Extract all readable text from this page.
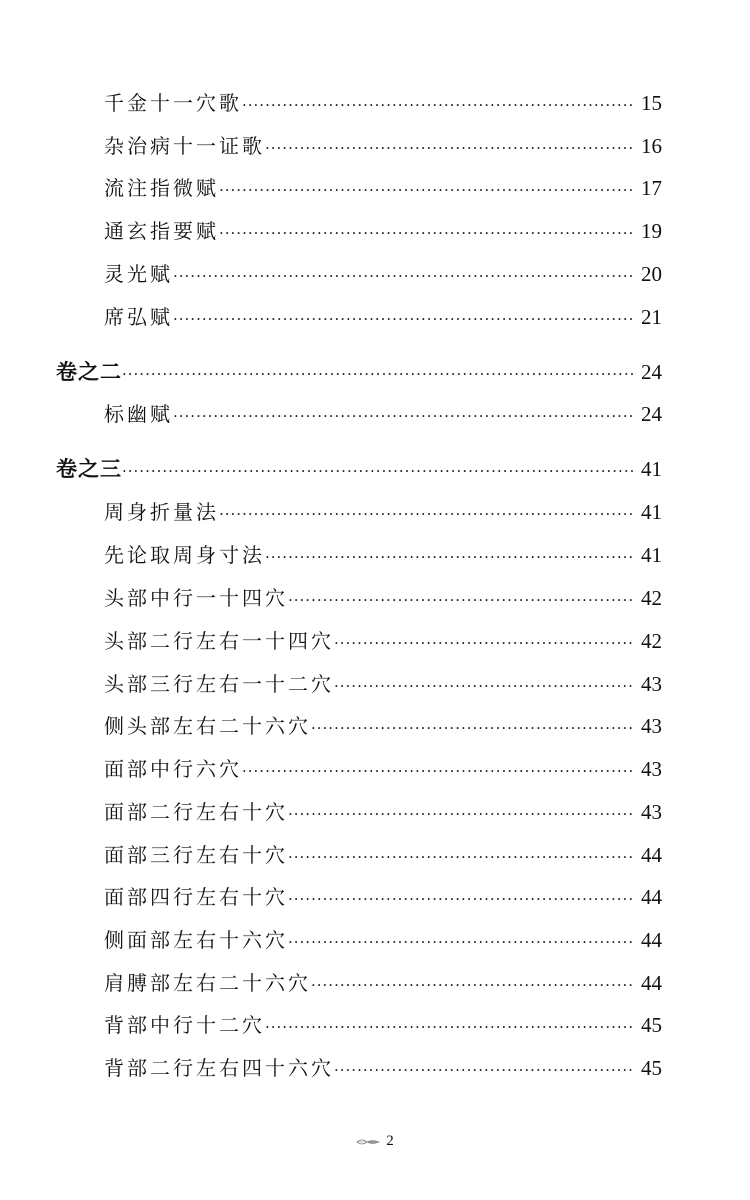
千金十一穴歌 ·····	15
杂治病十一证歌 ·····	16
流注指微赋 ·····	17
通玄指要赋 ·····	19
灵光赋 ·····	20
席弘赋 ·····	21
卷之二 ·····	24
标幽赋 ·····	24
卷之三 ·····	41
周身折量法 ·····	41
先论取周身寸法 ·····	41
头部中行一十四穴 ·····	42
头部二行左右一十四穴 ·····	42
头部三行左右一十二穴 ·····	43
侧头部左右二十六穴 ·····	43
面部中行六穴 ·····	43
面部二行左右十穴 ·····	43
面部三行左右十穴 ·····	44
面部四行左右十穴 ·····	44
侧面部左右十六穴 ·····	44
肩膊部左右二十六穴 ·····	44
背部中行十二穴 ·····	45
背部二行左右四十六穴 ·····	45
2
